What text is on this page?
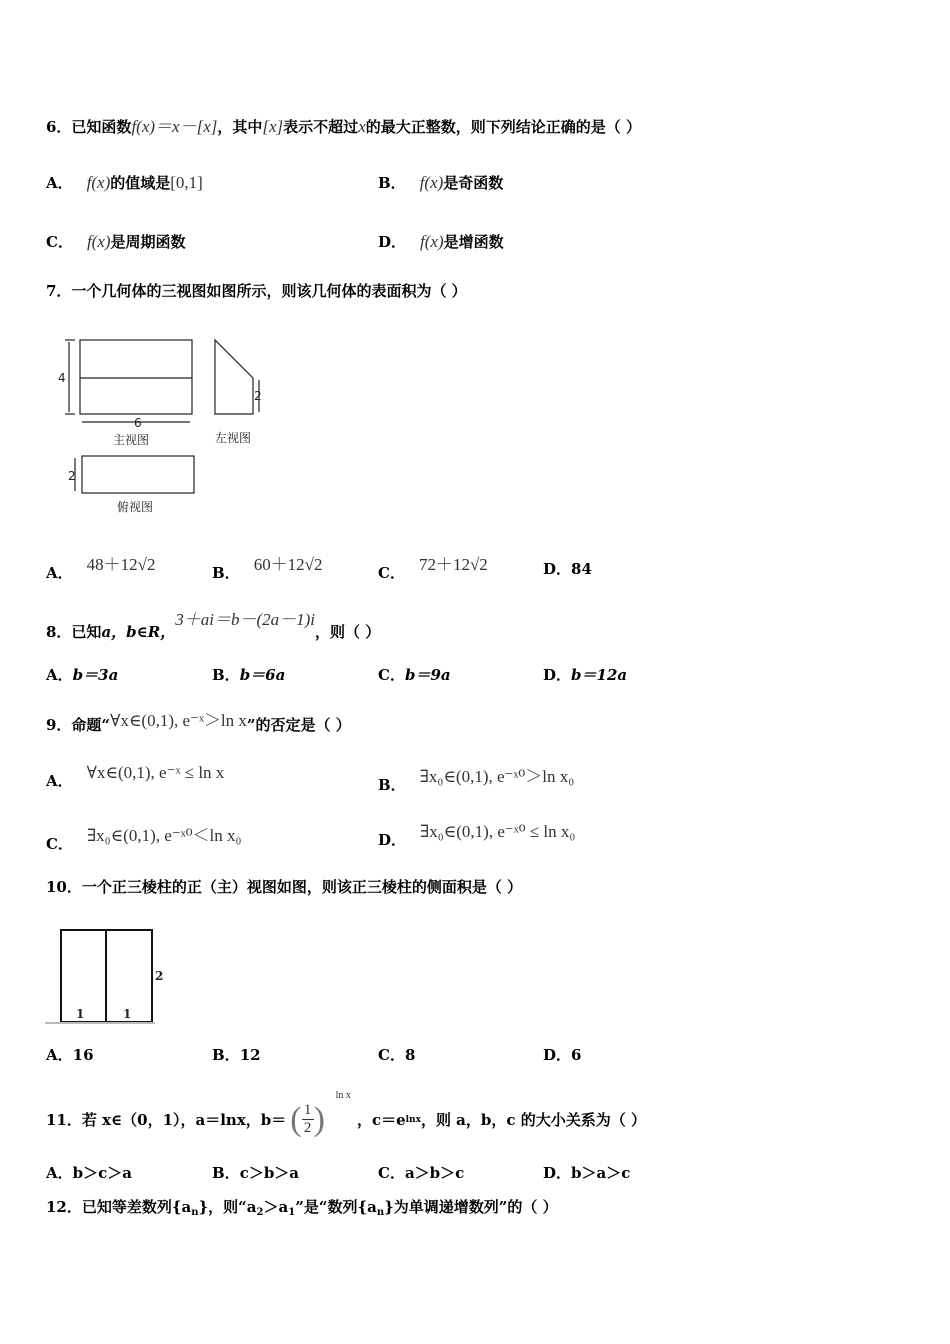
6．已知函数f(x)＝x－[x]，其中[x]表示不超过x的最大正整数，则下列结论正确的是（ ）
A． f(x)的值域是[0,1]	B． f(x)是奇函数
C． f(x)是周期函数	D． f(x)是增函数
7．一个几何体的三视图如图所示，则该几何体的表面积为（ ）
4
6
2
2
主视图	左视图
俯视图
A． 48＋12√2	B． 60＋12√2	C． 72＋12√2	D．84
8．已知a，b∈R，3＋ai＝b－(2a－1)i，则（ ）
A．b＝3a	B．b＝6a	C．b＝9a	D．b＝12a
9．命题“∀x∈(0,1), e⁻ˣ＞ln x”的否定是（ ）
A． ∀x∈(0,1), e⁻ˣ ≤ ln x
B． ∃x₀∈(0,1), e⁻ˣ⁰＞ln x₀
C． ∃x₀∈(0,1), e⁻ˣ⁰＜ln x₀	D． ∃x₀∈(0,1), e⁻ˣ⁰ ≤ ln x₀
10．一个正三棱柱的正（主）视图如图，则该正三棱柱的侧面积是（ ）
1	1
2
A．16	B．12	C．8	D．6
11．若 x∈（0，1），a＝lnx，b＝ ( 1
2 )
ln x
，c＝e lnx ，则 a，b，c 的大小关系为（ ）
A．b＞c＞a	B．c＞b＞a	C．a＞b＞c	D．b＞a＞c
12．已知等差数列$\{a_n\}$，则“$a_2>a_1$”是“数列$\{a_n\}$为单调递增数列”的（ ）
